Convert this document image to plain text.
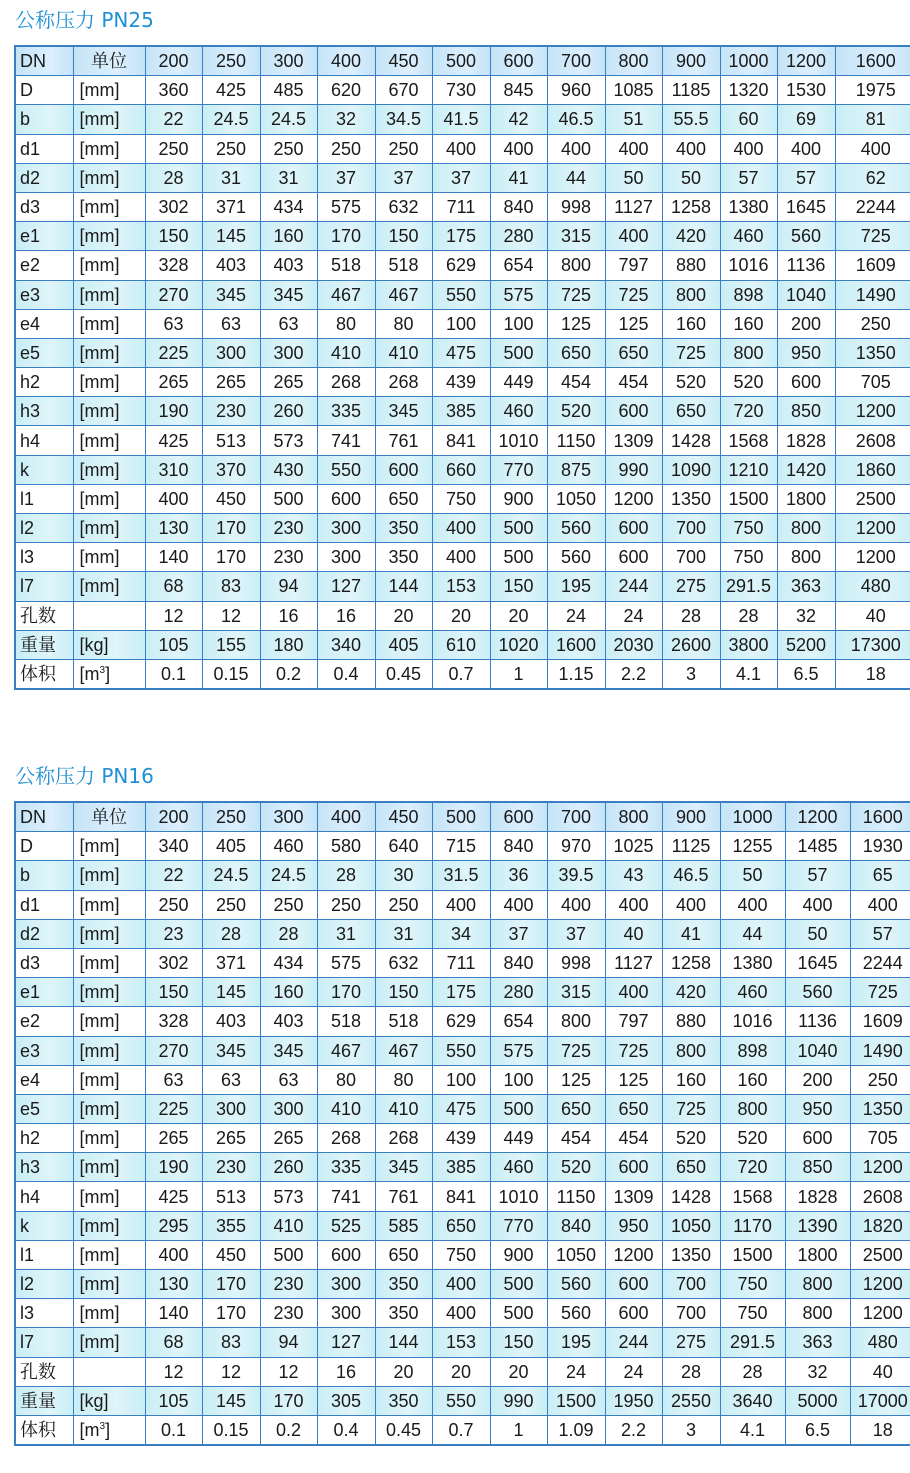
公称压力 PN25
DN	单位	200	250	300	400	450	500	600	700	800	900	1000	1200	1600
D	[mm]	360	425	485	620	670	730	845	960	1085	1185	1320	1530	1975
b	[mm]	22	24.5	24.5	32	34.5	41.5	42	46.5	51	55.5	60	69	81
d1	[mm]	250	250	250	250	250	400	400	400	400	400	400	400	400
d2	[mm]	28	31	31	37	37	37	41	44	50	50	57	57	62
d3	[mm]	302	371	434	575	632	711	840	998	1127	1258	1380	1645	2244
e1	[mm]	150	145	160	170	150	175	280	315	400	420	460	560	725
e2	[mm]	328	403	403	518	518	629	654	800	797	880	1016	1136	1609
e3	[mm]	270	345	345	467	467	550	575	725	725	800	898	1040	1490
e4	[mm]	63	63	63	80	80	100	100	125	125	160	160	200	250
e5	[mm]	225	300	300	410	410	475	500	650	650	725	800	950	1350
h2	[mm]	265	265	265	268	268	439	449	454	454	520	520	600	705
h3	[mm]	190	230	260	335	345	385	460	520	600	650	720	850	1200
h4	[mm]	425	513	573	741	761	841	1010	1150	1309	1428	1568	1828	2608
k	[mm]	310	370	430	550	600	660	770	875	990	1090	1210	1420	1860
l1	[mm]	400	450	500	600	650	750	900	1050	1200	1350	1500	1800	2500
l2	[mm]	130	170	230	300	350	400	500	560	600	700	750	800	1200
l3	[mm]	140	170	230	300	350	400	500	560	600	700	750	800	1200
l7	[mm]	68	83	94	127	144	153	150	195	244	275	291.5	363	480
孔数		12	12	16	16	20	20	20	24	24	28	28	32	40
重量	[kg]	105	155	180	340	405	610	1020	1600	2030	2600	3800	5200	17300
体积	$[m^3]$	0.1	0.15	0.2	0.4	0.45	0.7	1	1.15	2.2	3	4.1	6.5	18
公称压力 PN16
DN	单位	200	250	300	400	450	500	600	700	800	900	1000	1200	1600
D	[mm]	340	405	460	580	640	715	840	970	1025	1125	1255	1485	1930
b	[mm]	22	24.5	24.5	28	30	31.5	36	39.5	43	46.5	50	57	65
d1	[mm]	250	250	250	250	250	400	400	400	400	400	400	400	400
d2	[mm]	23	28	28	31	31	34	37	37	40	41	44	50	57
d3	[mm]	302	371	434	575	632	711	840	998	1127	1258	1380	1645	2244
e1	[mm]	150	145	160	170	150	175	280	315	400	420	460	560	725
e2	[mm]	328	403	403	518	518	629	654	800	797	880	1016	1136	1609
e3	[mm]	270	345	345	467	467	550	575	725	725	800	898	1040	1490
e4	[mm]	63	63	63	80	80	100	100	125	125	160	160	200	250
e5	[mm]	225	300	300	410	410	475	500	650	650	725	800	950	1350
h2	[mm]	265	265	265	268	268	439	449	454	454	520	520	600	705
h3	[mm]	190	230	260	335	345	385	460	520	600	650	720	850	1200
h4	[mm]	425	513	573	741	761	841	1010	1150	1309	1428	1568	1828	2608
k	[mm]	295	355	410	525	585	650	770	840	950	1050	1170	1390	1820
l1	[mm]	400	450	500	600	650	750	900	1050	1200	1350	1500	1800	2500
l2	[mm]	130	170	230	300	350	400	500	560	600	700	750	800	1200
l3	[mm]	140	170	230	300	350	400	500	560	600	700	750	800	1200
l7	[mm]	68	83	94	127	144	153	150	195	244	275	291.5	363	480
孔数		12	12	12	16	20	20	20	24	24	28	28	32	40
重量	[kg]	105	145	170	305	350	550	990	1500	1950	2550	3640	5000	17000
体积	$[m^3]$	0.1	0.15	0.2	0.4	0.45	0.7	1	1.09	2.2	3	4.1	6.5	18
